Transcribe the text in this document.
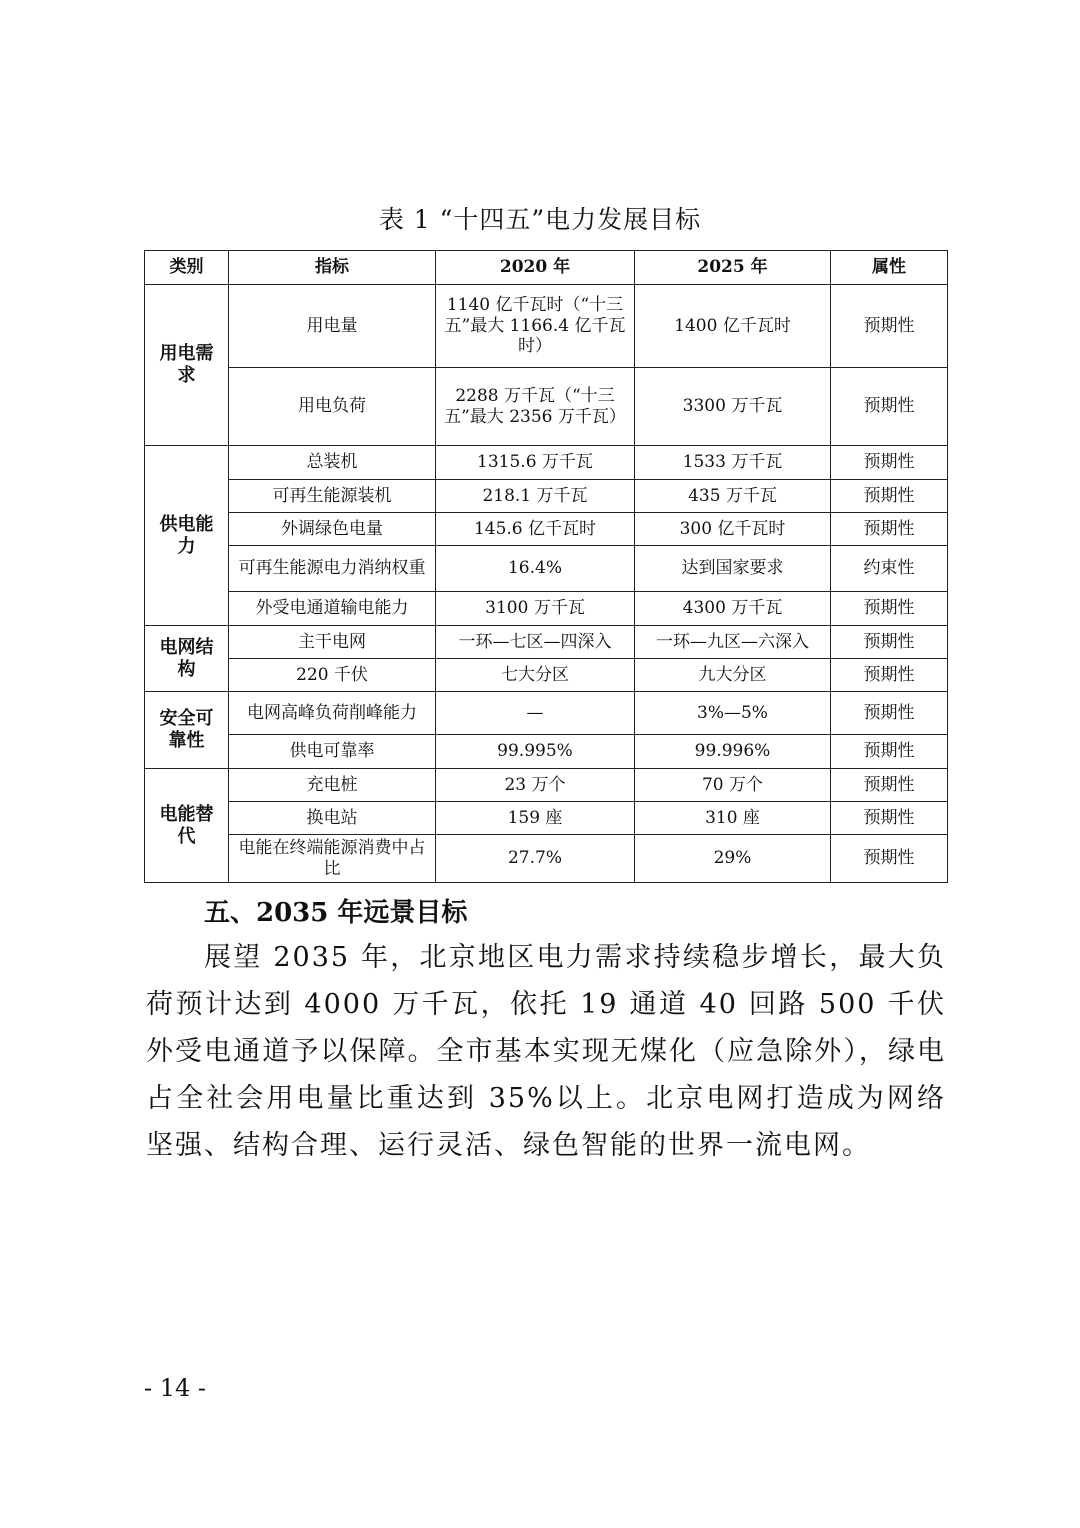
表 1 “十四五”电力发展目标
类别	指标	2020 年	2025 年	属性
用电需求	用电量	1140 亿千瓦时（“十三五”最大 1166.4 亿千瓦时）	1400 亿千瓦时	预期性
	用电负荷	2288 万千瓦（“十三五”最大 2356 万千瓦）	3300 万千瓦	预期性
供电能力	总装机	1315.6 万千瓦	1533 万千瓦	预期性
	可再生能源装机	218.1 万千瓦	435 万千瓦	预期性
	外调绿色电量	145.6 亿千瓦时	300 亿千瓦时	预期性
	可再生能源电力消纳权重	16.4%	达到国家要求	约束性
	外受电通道输电能力	3100 万千瓦	4300 万千瓦	预期性
电网结构	主干电网	一环—七区—四深入	一环—九区—六深入	预期性
	220 千伏	七大分区	九大分区	预期性
安全可靠性	电网高峰负荷削峰能力	—	3%—5%	预期性
	供电可靠率	99.995%	99.996%	预期性
电能替代	充电桩	23 万个	70 万个	预期性
	换电站	159 座	310 座	预期性
	电能在终端能源消费中占比	27.7%	29%	预期性
五、2035 年远景目标
展望 2035 年，北京地区电力需求持续稳步增长，最大负荷预计达到 4000 万千瓦，依托 19 通道 40 回路 500 千伏外受电通道予以保障。全市基本实现无煤化（应急除外），绿电占全社会用电量比重达到 35%以上。北京电网打造成为网络坚强、结构合理、运行灵活、绿色智能的世界一流电网。
- 14 -
